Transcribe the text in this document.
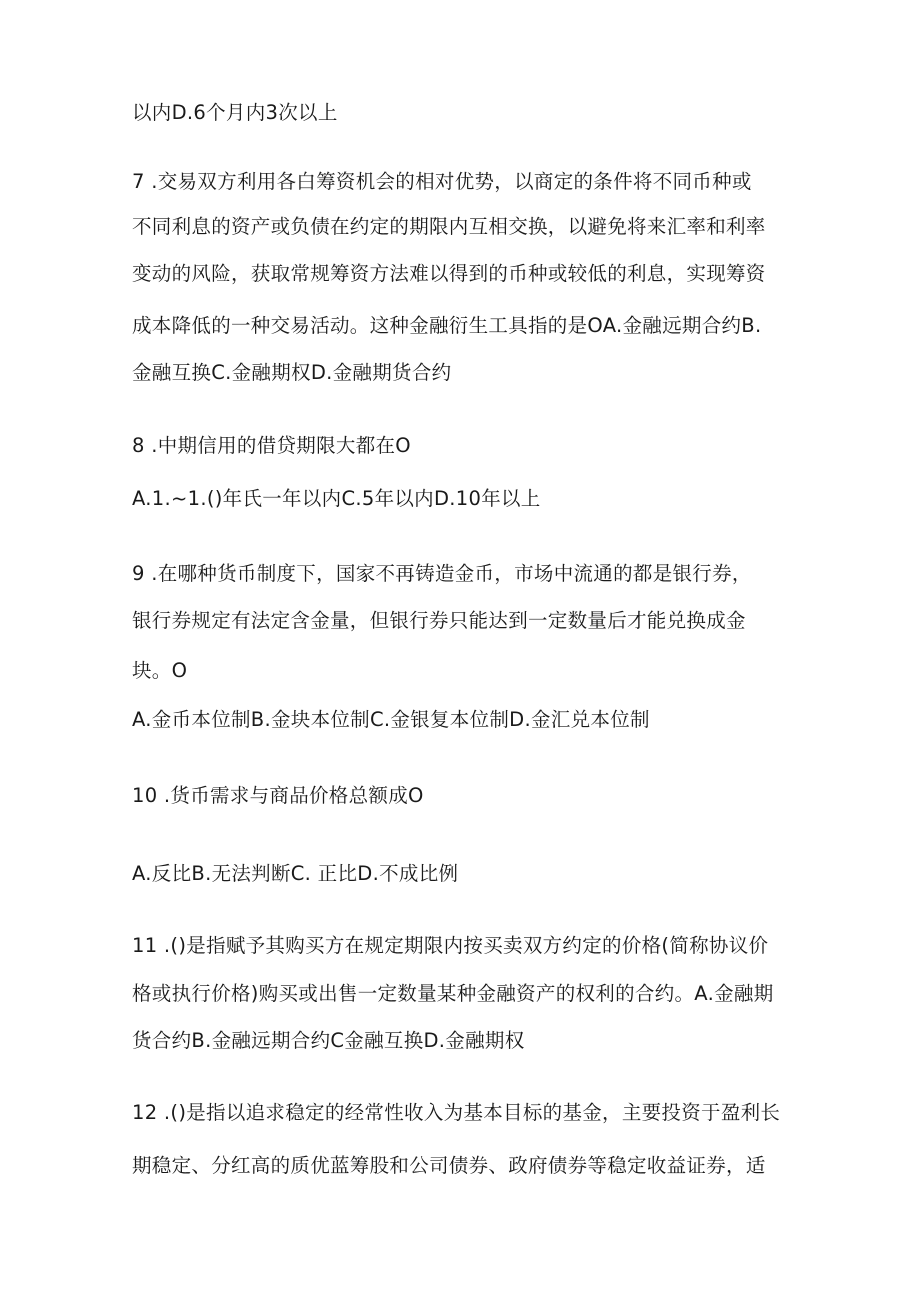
以内D.6个月内3次以上
7 .交易双方利用各白筹资机会的相对优势，以商定的条件将不同币种或
不同利息的资产或负债在约定的期限内互相交换，以避免将来汇率和利率
变动的风险，获取常规筹资方法难以得到的币种或较低的利息，实现筹资
成本降低的一种交易活动。这种金融衍生工具指的是OA.金融远期合约B.
金融互换C.金融期权D.金融期货合约
8 .中期信用的借贷期限大都在O
A.1.~1.()年氏一年以内C.5年以内D.10年以上
9 .在哪种货币制度下，国家不再铸造金币，市场中流通的都是银行券，
银行券规定有法定含金量，但银行券只能达到一定数量后才能兑换成金
块。O
A.金币本位制B.金块本位制C.金银复本位制D.金汇兑本位制
10 .货币需求与商品价格总额成O
A.反比B.无法判断C. 正比D.不成比例
11 .()是指赋予其购买方在规定期限内按买卖双方约定的价格(简称协议价
格或执行价格)购买或出售一定数量某种金融资产的权利的合约。A.金融期
货合约B.金融远期合约C金融互换D.金融期权
12 .()是指以追求稳定的经常性收入为基本目标的基金，主要投资于盈利长
期稳定、分红高的质优蓝筹股和公司债券、政府债券等稳定收益证券，适
